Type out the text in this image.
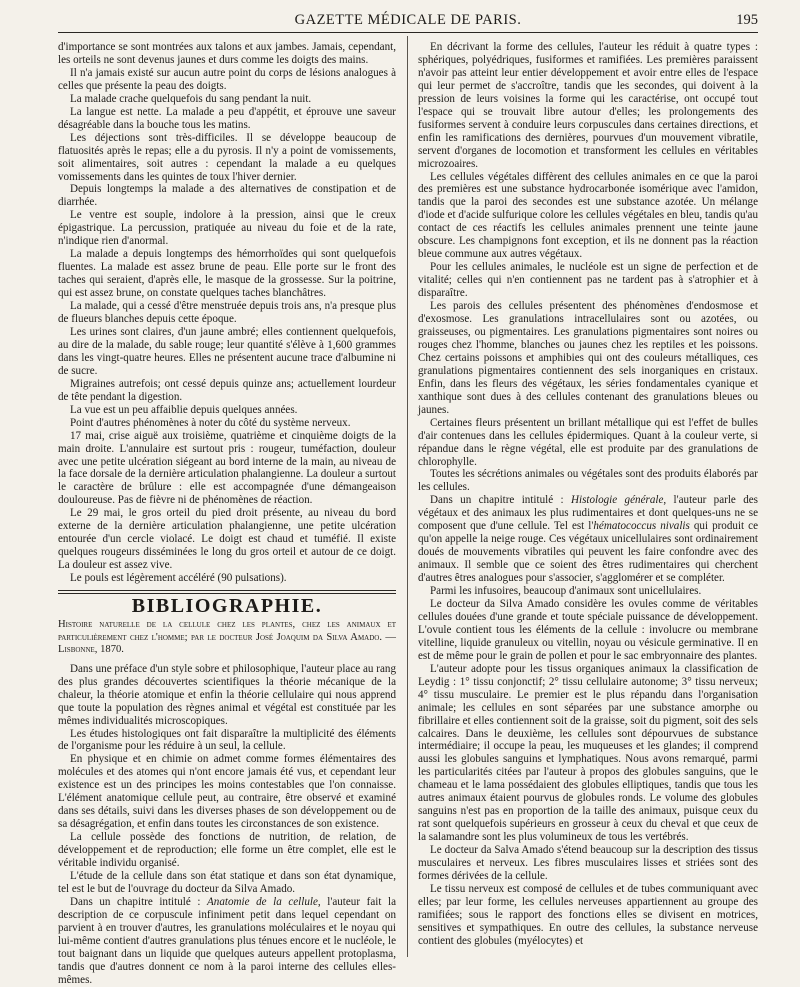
GAZETTE MÉDICALE DE PARIS.	195

d'importance se sont montrées aux talons et aux jambes. Jamais, cependant, les orteils ne sont devenus jaunes et durs comme les doigts des mains.

Il n'a jamais existé sur aucun autre point du corps de lésions analogues à celles que présente la peau des doigts.

La malade crache quelquefois du sang pendant la nuit.

La langue est nette. La malade a peu d'appétit, et éprouve une saveur désagréable dans la bouche tous les matins.

Les déjections sont très-difficiles. Il se développe beaucoup de flatuosités après le repas; elle a du pyrosis. Il n'y a point de vomissements, soit alimentaires, soit autres : cependant la malade a eu quelques vomissements dans les quintes de toux l'hiver dernier.

Depuis longtemps la malade a des alternatives de constipation et de diarrhée.

Le ventre est souple, indolore à la pression, ainsi que le creux épigastrique. La percussion, pratiquée au niveau du foie et de la rate, n'indique rien d'anormal.

La malade a depuis longtemps des hémorrhoïdes qui sont quelquefois fluentes. La malade est assez brune de peau. Elle porte sur le front des taches qui seraient, d'après elle, le masque de la grossesse. Sur la poitrine, qui est assez brune, on constate quelques taches blanchâtres.

La malade, qui a cessé d'être menstruée depuis trois ans, n'a presque plus de flueurs blanches depuis cette époque.

Les urines sont claires, d'un jaune ambré; elles contiennent quelquefois, au dire de la malade, du sable rouge; leur quantité s'élève à 1,600 grammes dans les vingt-quatre heures. Elles ne présentent aucune trace d'albumine ni de sucre.

Migraines autrefois; ont cessé depuis quinze ans; actuellement lourdeur de tête pendant la digestion.

La vue est un peu affaiblie depuis quelques années.

Point d'autres phénomènes à noter du côté du système nerveux.

17 mai, crise aiguë aux troisième, quatrième et cinquième doigts de la main droite. L'annulaire est surtout pris : rougeur, tuméfaction, douleur avec une petite ulcération siégeant au bord interne de la main, au niveau de la face dorsale de la dernière articulation phalangienne. La douleur a surtout le caractère de brûlure : elle est accompagnée d'une démangeaison douloureuse. Pas de fièvre ni de phénomènes de réaction.

Le 29 mai, le gros orteil du pied droit présente, au niveau du bord externe de la dernière articulation phalangienne, une petite ulcération entourée d'un cercle violacé. Le doigt est chaud et tuméfié. Il existe quelques rougeurs disséminées le long du gros orteil et autour de ce doigt. La douleur est assez vive.

Le pouls est légèrement accéléré (90 pulsations).

BIBLIOGRAPHIE.

Histoire naturelle de la cellule chez les plantes, chez les animaux et particulièrement chez l'homme; par le docteur José Joaquim da Silva Amado. — Lisbonne, 1870.

Dans une préface d'un style sobre et philosophique, l'auteur place au rang des plus grandes découvertes scientifiques la théorie mécanique de la chaleur, la théorie atomique et enfin la théorie cellulaire qui nous apprend que toute la population des règnes animal et végétal est constituée par les mêmes individualités microscopiques.

Les études histologiques ont fait disparaître la multiplicité des éléments de l'organisme pour les réduire à un seul, la cellule.

En physique et en chimie on admet comme formes élémentaires des molécules et des atomes qui n'ont encore jamais été vus, et cependant leur existence est un des principes les moins contestables que l'on connaisse. L'élément anatomique cellule peut, au contraire, être observé et examiné dans ses détails, suivi dans les diverses phases de son développement ou de sa désagrégation, et enfin dans toutes les circonstances de son existence.

La cellule possède des fonctions de nutrition, de relation, de développement et de reproduction; elle forme un être complet, elle est le véritable individu organisé.

L'étude de la cellule dans son état statique et dans son état dynamique, tel est le but de l'ouvrage du docteur da Silva Amado.

Dans un chapitre intitulé : Anatomie de la cellule, l'auteur fait la description de ce corpuscule infiniment petit dans lequel cependant on parvient à en trouver d'autres, les granulations moléculaires et le noyau qui lui-même contient d'autres granulations plus ténues encore et le nucléole, le tout baignant dans un liquide que quelques auteurs appellent protoplasma, tandis que d'autres donnent ce nom à la paroi interne des cellules elles-mêmes.

En décrivant la forme des cellules, l'auteur les réduit à quatre types : sphériques, polyédriques, fusiformes et ramifiées. Les premières paraissent n'avoir pas atteint leur entier développement et avoir entre elles de l'espace qui leur permet de s'accroître, tandis que les secondes, qui doivent à la pression de leurs voisines la forme qui les caractérise, ont occupé tout l'espace qui se trouvait libre autour d'elles; les prolongements des fusiformes servent à conduire leurs corpuscules dans certaines directions, et enfin les ramifications des dernières, pourvues d'un mouvement vibratile, servent d'organes de locomotion et transforment les cellules en véritables microzoaires.

Les cellules végétales diffèrent des cellules animales en ce que la paroi des premières est une substance hydrocarbonée isomérique avec l'amidon, tandis que la paroi des secondes est une substance azotée. Un mélange d'iode et d'acide sulfurique colore les cellules végétales en bleu, tandis qu'au contact de ces réactifs les cellules animales prennent une teinte jaune obscure. Les champignons font exception, et ils ne donnent pas la réaction bleue commune aux autres végétaux.

Pour les cellules animales, le nucléole est un signe de perfection et de vitalité; celles qui n'en contiennent pas ne tardent pas à s'atrophier et à disparaître.

Les parois des cellules présentent des phénomènes d'endosmose et d'exosmose. Les granulations intracellulaires sont ou azotées, ou graisseuses, ou pigmentaires. Les granulations pigmentaires sont noires ou rouges chez l'homme, blanches ou jaunes chez les reptiles et les poissons. Chez certains poissons et amphibies qui ont des couleurs métalliques, ces granulations pigmentaires contiennent des sels inorganiques en cristaux. Enfin, dans les fleurs des végétaux, les séries fondamentales cyanique et xanthique sont dues à des cellules contenant des granulations bleues ou jaunes.

Certaines fleurs présentent un brillant métallique qui est l'effet de bulles d'air contenues dans les cellules épidermiques. Quant à la couleur verte, si répandue dans le règne végétal, elle est produite par des granulations de chlorophylle.

Toutes les sécrétions animales ou végétales sont des produits élaborés par les cellules.

Dans un chapitre intitulé : Histologie générale, l'auteur parle des végétaux et des animaux les plus rudimentaires et dont quelques-uns ne se composent que d'une cellule. Tel est l'hématococcus nivalis qui produit ce qu'on appelle la neige rouge. Ces végétaux unicellulaires sont ordinairement doués de mouvements vibratiles qui peuvent les faire confondre avec des animaux. Il semble que ce soient des êtres rudimentaires qui cherchent d'autres êtres analogues pour s'associer, s'agglomérer et se compléter.

Parmi les infusoires, beaucoup d'animaux sont unicellulaires.

Le docteur da Silva Amado considère les ovules comme de véritables cellules douées d'une grande et toute spéciale puissance de développement. L'ovule contient tous les éléments de la cellule : involucre ou membrane vitelline, liquide granuleux ou vitellin, noyau ou vésicule germinative. Il en est de même pour le grain de pollen et pour le sac embryonnaire des plantes.

L'auteur adopte pour les tissus organiques animaux la classification de Leydig : 1° tissu conjonctif; 2° tissu cellulaire autonome; 3° tissu nerveux; 4° tissu musculaire. Le premier est le plus répandu dans l'organisation animale; les cellules en sont séparées par une substance amorphe ou fibrillaire et elles contiennent soit de la graisse, soit du pigment, soit des sels calcaires. Dans le deuxième, les cellules sont dépourvues de substance intermédiaire; il occupe la peau, les muqueuses et les glandes; il comprend aussi les globules sanguins et lymphatiques. Nous avons remarqué, parmi les particularités citées par l'auteur à propos des globules sanguins, que le chameau et le lama possédaient des globules elliptiques, tandis que tous les autres animaux étaient pourvus de globules ronds. Le volume des globules sanguins n'est pas en proportion de la taille des animaux, puisque ceux du rat sont quelquefois supérieurs en grosseur à ceux du cheval et que ceux de la salamandre sont les plus volumineux de tous les vertébrés.

Le docteur da Salva Amado s'étend beaucoup sur la description des tissus musculaires et nerveux. Les fibres musculaires lisses et striées sont des formes dérivées de la cellule.

Le tissu nerveux est composé de cellules et de tubes communiquant avec elles; par leur forme, les cellules nerveuses appartiennent au groupe des ramifiées; sous le rapport des fonctions elles se divisent en motrices, sensitives et sympathiques. En outre des cellules, la substance nerveuse contient des globules (myélocytes) et
